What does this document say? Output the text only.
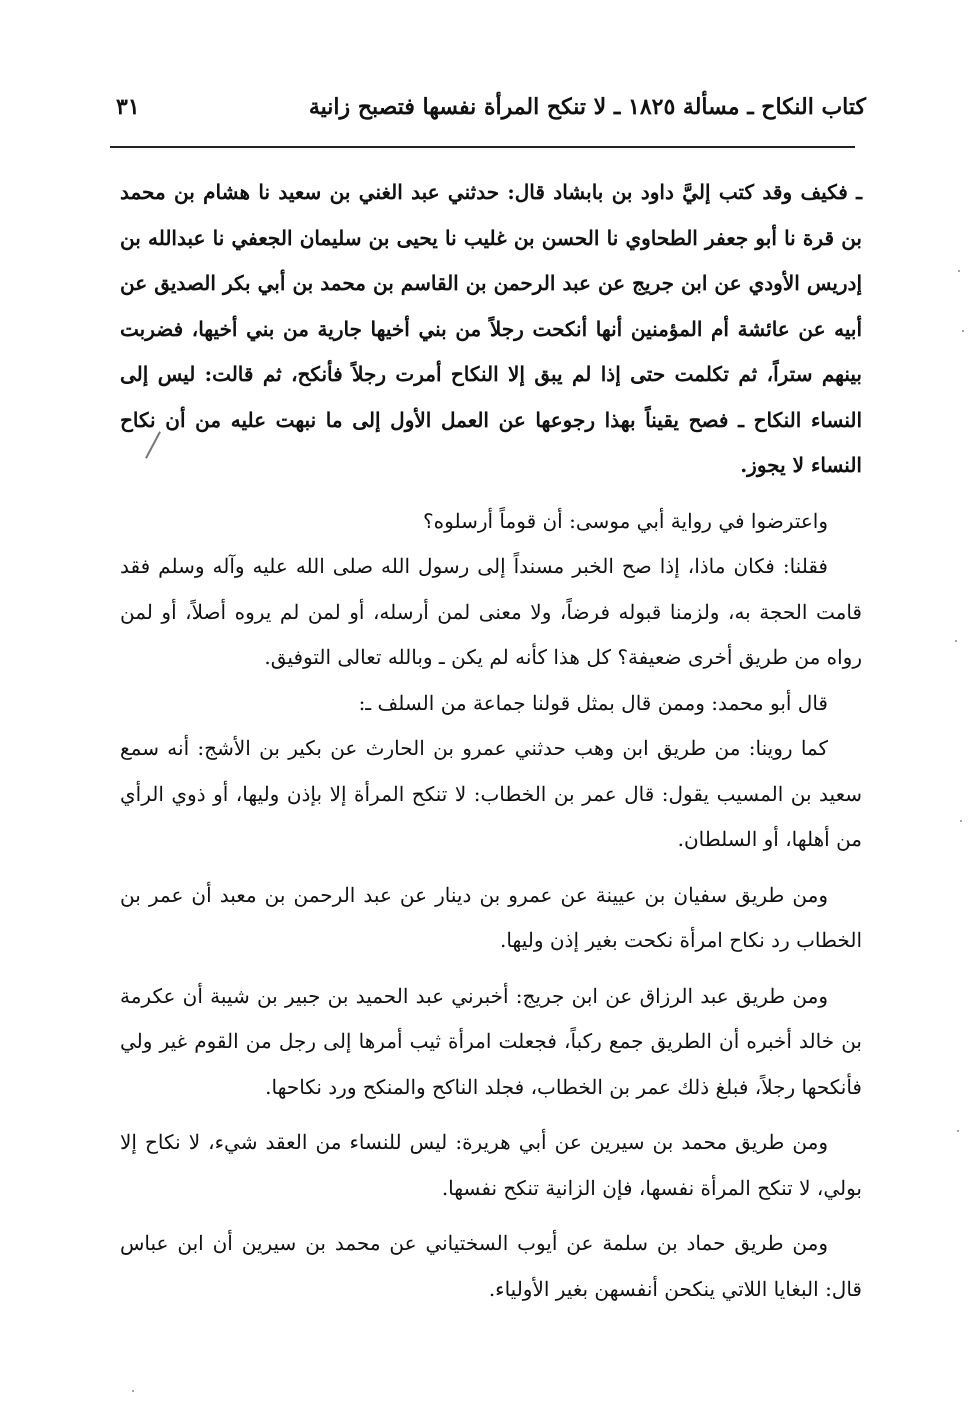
كتاب النكاح ـ مسألة ١٨٢٥ ـ لا تنكح المرأة نفسها فتصبح زانية
٣١

ـ فكيف وقد كتب إليَّ داود بن بابشاد قال: حدثني عبد الغني بن سعيد نا هشام بن محمد بن قرة نا أبو جعفر الطحاوي نا الحسن بن غليب نا يحيى بن سليمان الجعفي نا عبدالله بن إدريس الأودي عن ابن جريج عن عبد الرحمن بن القاسم بن محمد بن أبي بكر الصديق عن أبيه عن عائشة أم المؤمنين أنها أنكحت رجلاً من بني أخيها جارية من بني أخيها، فضربت بينهم ستراً، ثم تكلمت حتى إذا لم يبق إلا النكاح أمرت رجلاً فأنكح، ثم قالت: ليس إلى النساء النكاح ـ فصح يقيناً بهذا رجوعها عن العمل الأول إلى ما نبهت عليه من أن نكاح النساء لا يجوز.

واعترضوا في رواية أبي موسى: أن قوماً أرسلوه؟

فقلنا: فكان ماذا، إذا صح الخبر مسنداً إلى رسول الله صلى الله عليه وآله وسلم فقد قامت الحجة به، ولزمنا قبوله فرضاً، ولا معنى لمن أرسله، أو لمن لم يروه أصلاً، أو لمن رواه من طريق أخرى ضعيفة؟ كل هذا كأنه لم يكن ـ وبالله تعالى التوفيق.

قال أبو محمد: وممن قال بمثل قولنا جماعة من السلف ـ:

كما روينا: من طريق ابن وهب حدثني عمرو بن الحارث عن بكير بن الأشج: أنه سمع سعيد بن المسيب يقول: قال عمر بن الخطاب: لا تنكح المرأة إلا بإذن وليها، أو ذوي الرأي من أهلها، أو السلطان.

ومن طريق سفيان بن عيينة عن عمرو بن دينار عن عبد الرحمن بن معبد أن عمر بن الخطاب رد نكاح امرأة نكحت بغير إذن وليها.

ومن طريق عبد الرزاق عن ابن جريج: أخبرني عبد الحميد بن جبير بن شيبة أن عكرمة بن خالد أخبره أن الطريق جمع ركباً، فجعلت امرأة ثيب أمرها إلى رجل من القوم غير ولي فأنكحها رجلاً، فبلغ ذلك عمر بن الخطاب، فجلد الناكح والمنكح ورد نكاحها.

ومن طريق محمد بن سيرين عن أبي هريرة: ليس للنساء من العقد شيء، لا نكاح إلا بولي، لا تنكح المرأة نفسها، فإن الزانية تنكح نفسها.

ومن طريق حماد بن سلمة عن أيوب السختياني عن محمد بن سيرين أن ابن عباس قال: البغايا اللاتي ينكحن أنفسهن بغير الأولياء.
